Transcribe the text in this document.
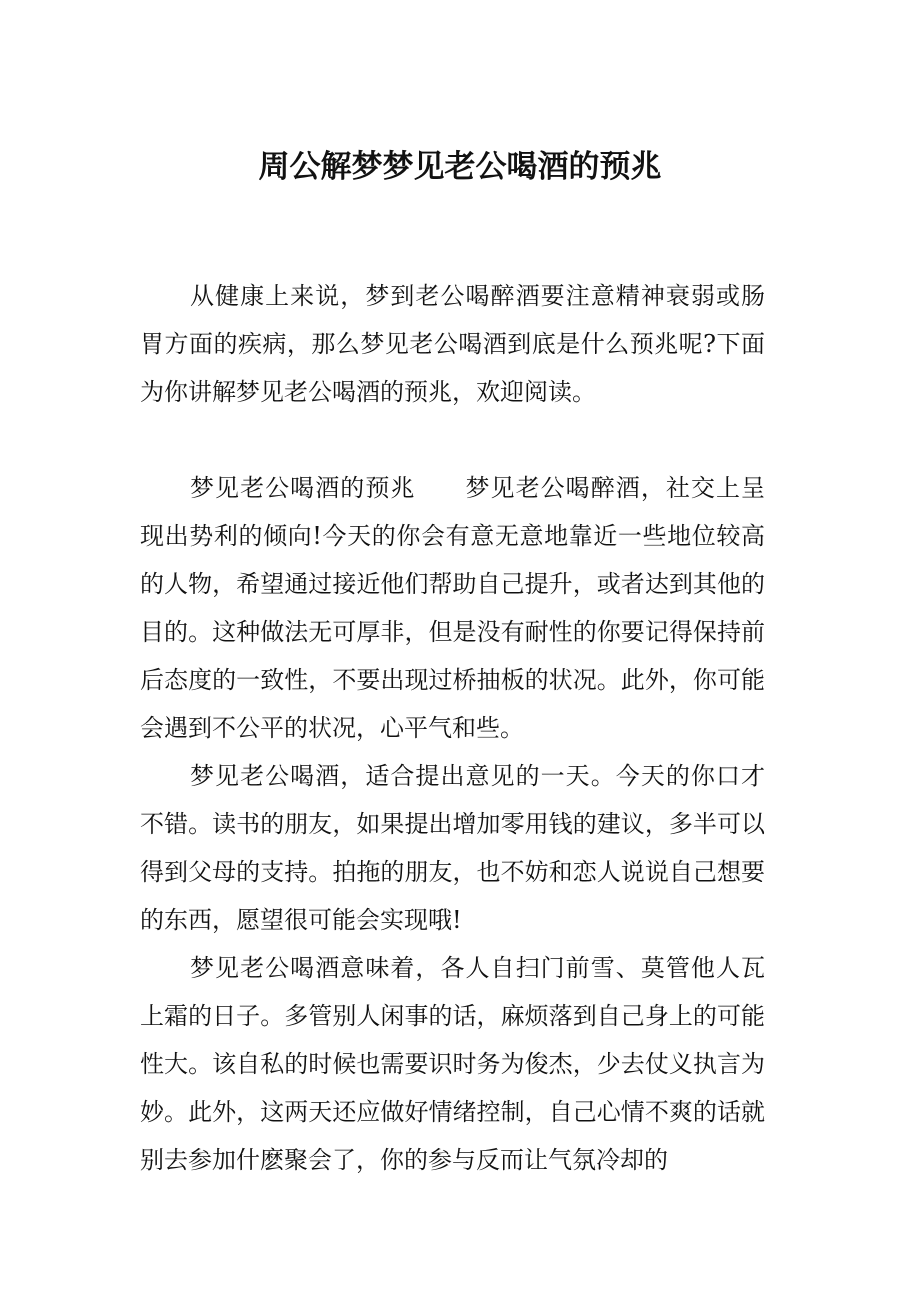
周公解梦梦见老公喝酒的预兆

从健康上来说，梦到老公喝醉酒要注意精神衰弱或肠胃方面的疾病，那么梦见老公喝酒到底是什么预兆呢?下面为你讲解梦见老公喝酒的预兆，欢迎阅读。

梦见老公喝酒的预兆　　梦见老公喝醉酒，社交上呈现出势利的倾向!今天的你会有意无意地靠近一些地位较高的人物，希望通过接近他们帮助自己提升，或者达到其他的目的。这种做法无可厚非，但是没有耐性的你要记得保持前后态度的一致性，不要出现过桥抽板的状况。此外，你可能会遇到不公平的状况，心平气和些。

梦见老公喝酒，适合提出意见的一天。今天的你口才不错。读书的朋友，如果提出增加零用钱的建议，多半可以得到父母的支持。拍拖的朋友，也不妨和恋人说说自己想要的东西，愿望很可能会实现哦!

梦见老公喝酒意味着，各人自扫门前雪、莫管他人瓦上霜的日子。多管别人闲事的话，麻烦落到自己身上的可能性大。该自私的时候也需要识时务为俊杰，少去仗义执言为妙。此外，这两天还应做好情绪控制，自己心情不爽的话就别去参加什麽聚会了，你的参与反而让气氛冷却的
